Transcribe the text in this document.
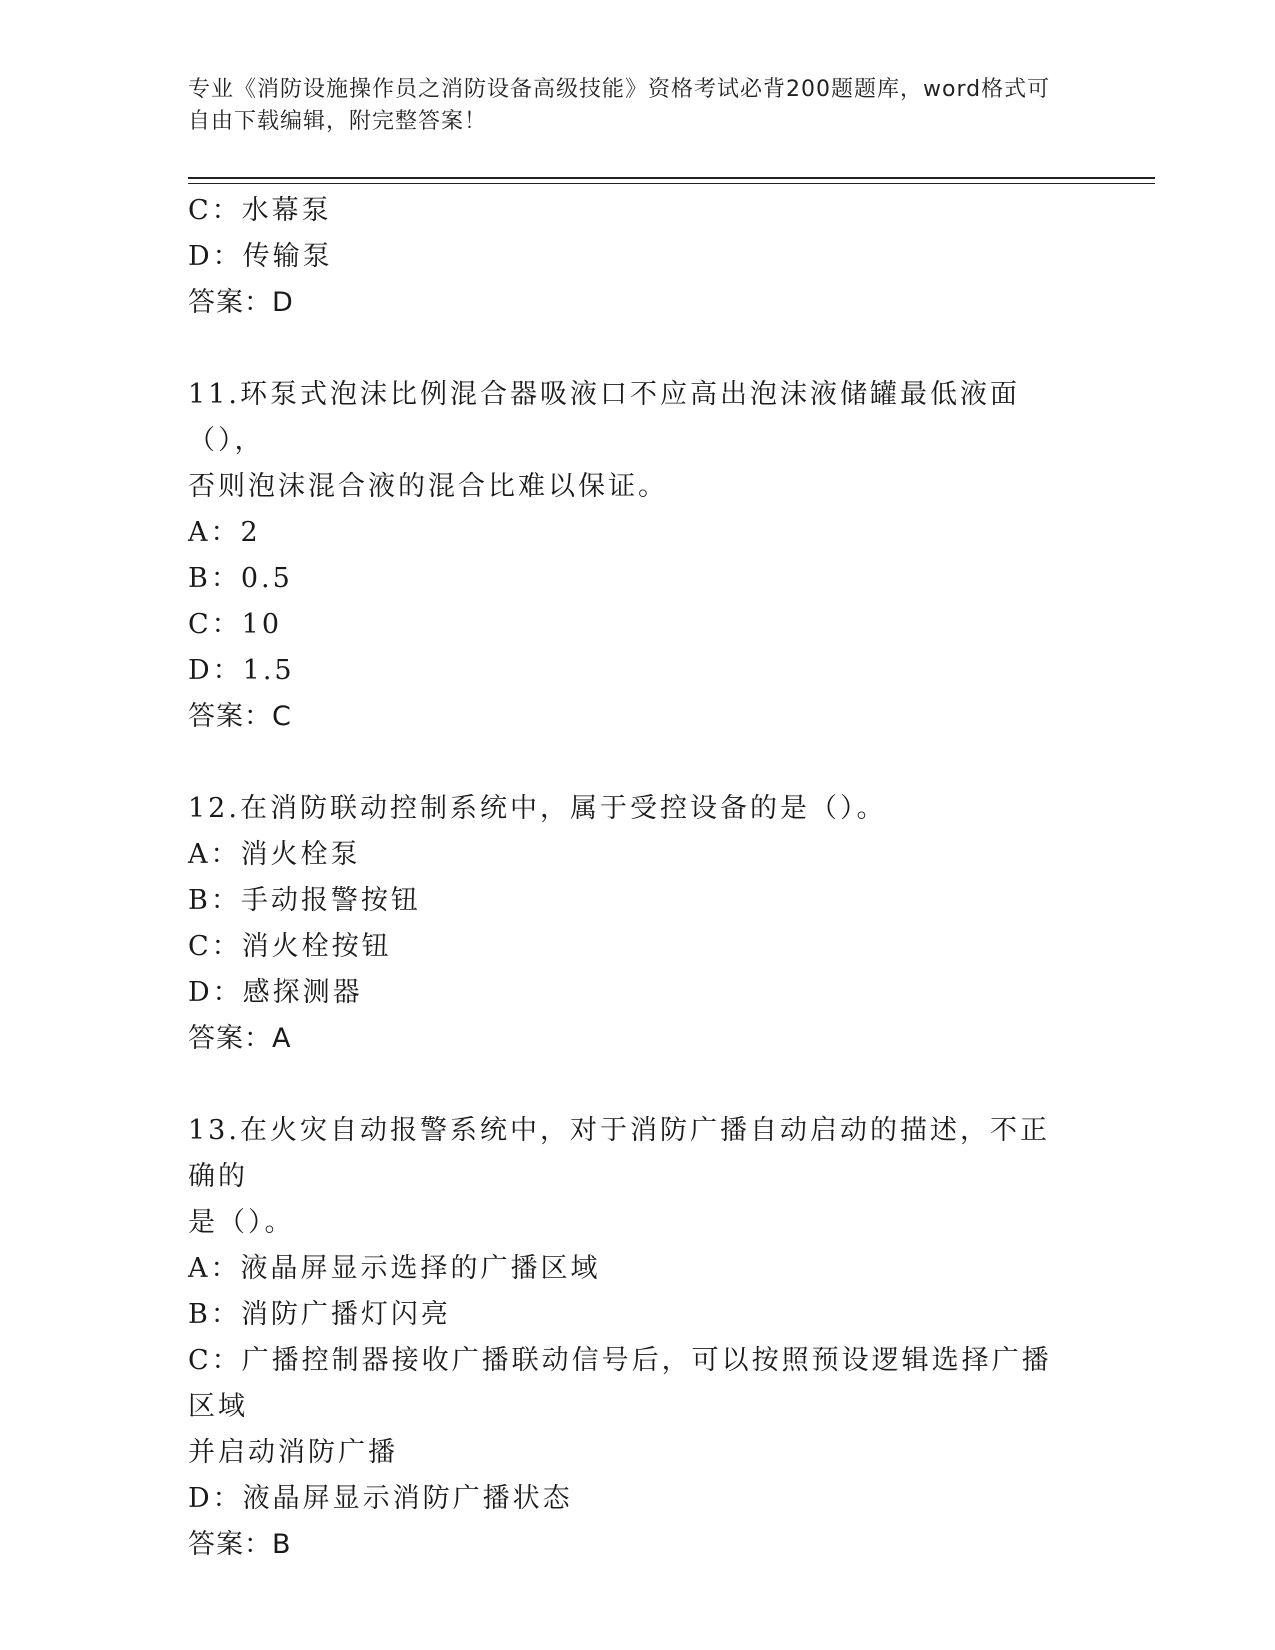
专业《消防设施操作员之消防设备高级技能》资格考试必背200题题库，word格式可自由下载编辑，附完整答案！
C：水幕泵
D：传输泵
答案：D
11.环泵式泡沫比例混合器吸液口不应高出泡沫液储罐最低液面（），
否则泡沫混合液的混合比难以保证。
A：2
B：0.5
C：10
D：1.5
答案：C
12.在消防联动控制系统中，属于受控设备的是（）。
A：消火栓泵
B：手动报警按钮
C：消火栓按钮
D：感探测器
答案：A
13.在火灾自动报警系统中，对于消防广播自动启动的描述，不正确的
是（）。
A：液晶屏显示选择的广播区域
B：消防广播灯闪亮
C：广播控制器接收广播联动信号后，可以按照预设逻辑选择广播区域
并启动消防广播
D：液晶屏显示消防广播状态
答案：B
